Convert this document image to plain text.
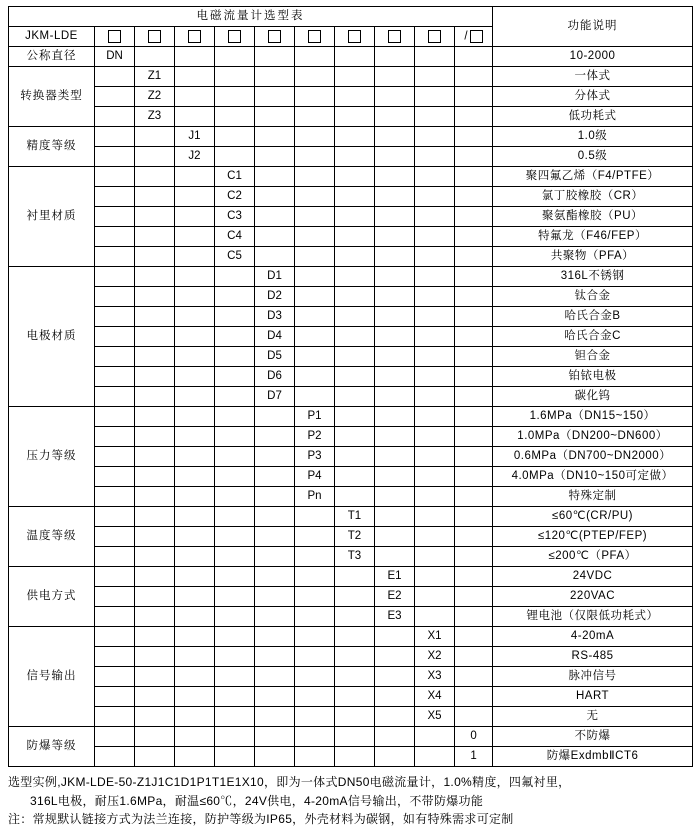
电磁流量计选型表											功能说明
JKM-LDE										/	
公称直径	DN										10-2000
转换器类型		Z1									一体式
		Z2									分体式
		Z3									低功耗式
精度等级			J1								1.0级
			J2								0.5级
衬里材质				C1							聚四氟乙烯（F4/PTFE）
				C2							氯丁胶橡胶（CR）
				C3							聚氨酯橡胶（PU）
				C4							特氟龙（F46/FEP）
				C5							共聚物（PFA）
电极材质					D1						316L不锈钢
					D2						钛合金
					D3						哈氏合金B
					D4						哈氏合金C
					D5						钽合金
					D6						铂铱电极
					D7						碳化钨
压力等级						P1					1.6MPa（DN15~150）
						P2					1.0MPa（DN200~DN600）
						P3					0.6MPa（DN700~DN2000）
						P4					4.0MPa（DN10~150可定做）
						Pn					特殊定制
温度等级							T1				≤60℃(CR/PU)
							T2				≤120℃(PTEP/FEP)
							T3				≤200℃（PFA）
供电方式								E1			24VDC
								E2			220VAC
								E3			锂电池（仅限低功耗式）
信号输出									X1		4-20mA
									X2		RS-485
									X3		脉冲信号
									X4		HART
									X5		无
防爆等级										0	不防爆
										1	防爆ExdmbⅡCT6
选型实例,JKM-LDE-50-Z1J1C1D1P1T1E1X10，即为一体式DN50电磁流量计，1.0%精度，四氟衬里，
316L电极，耐压1.6MPa，耐温≤60℃，24V供电，4-20mA信号输出，不带防爆功能
注：常规默认链接方式为法兰连接，防护等级为IP65，外壳材料为碳钢，如有特殊需求可定制
